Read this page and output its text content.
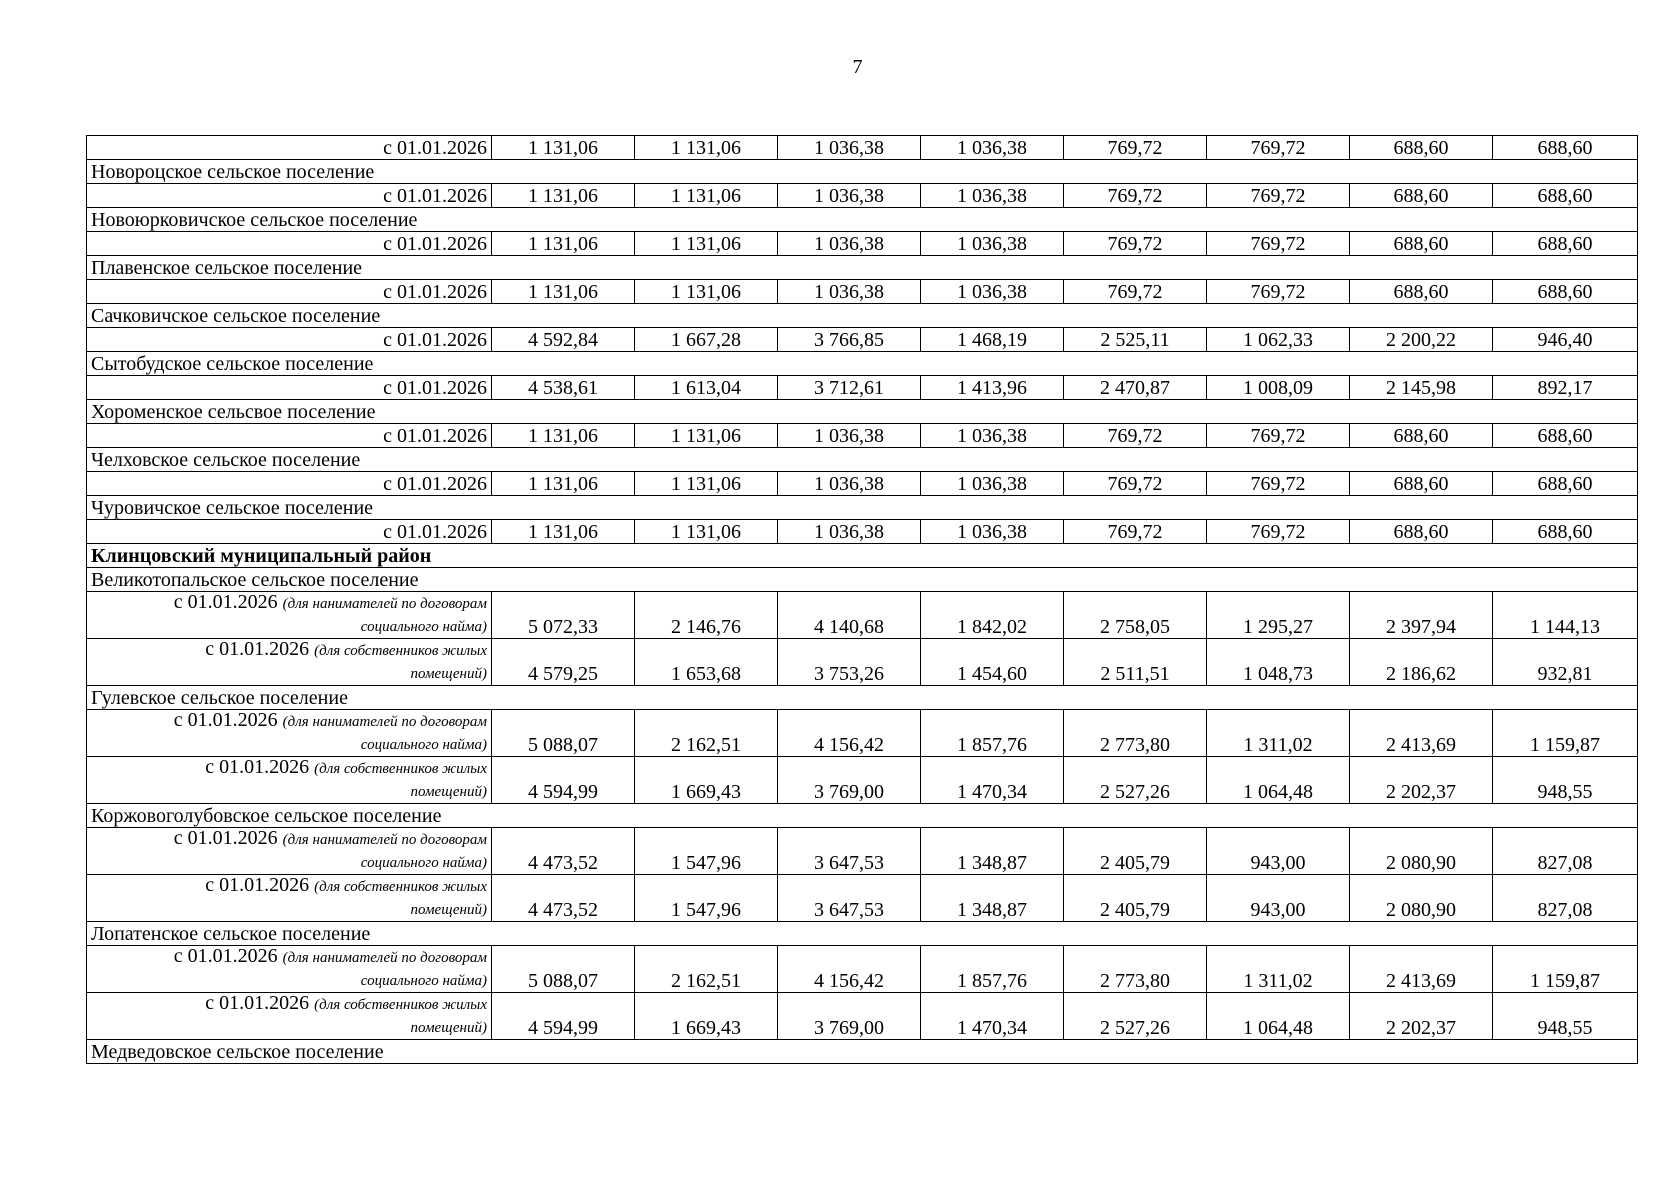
7
с 01.01.2026	1 131,06	1 131,06	1 036,38	1 036,38	769,72	769,72	688,60	688,60
Новороцское сельское поселение								
с 01.01.2026	1 131,06	1 131,06	1 036,38	1 036,38	769,72	769,72	688,60	688,60
Новоюрковичское сельское поселение								
с 01.01.2026	1 131,06	1 131,06	1 036,38	1 036,38	769,72	769,72	688,60	688,60
Плавенское сельское поселение								
с 01.01.2026	1 131,06	1 131,06	1 036,38	1 036,38	769,72	769,72	688,60	688,60
Сачковичское сельское поселение								
с 01.01.2026	4 592,84	1 667,28	3 766,85	1 468,19	2 525,11	1 062,33	2 200,22	946,40
Сытобудское сельское поселение								
с 01.01.2026	4 538,61	1 613,04	3 712,61	1 413,96	2 470,87	1 008,09	2 145,98	892,17
Хороменское сельсвое поселение								
с 01.01.2026	1 131,06	1 131,06	1 036,38	1 036,38	769,72	769,72	688,60	688,60
Челховское сельское поселение								
с 01.01.2026	1 131,06	1 131,06	1 036,38	1 036,38	769,72	769,72	688,60	688,60
Чуровичское сельское поселение								
с 01.01.2026	1 131,06	1 131,06	1 036,38	1 036,38	769,72	769,72	688,60	688,60
Клинцовский муниципальный район								
Великотопальское сельское поселение								
с 01.01.2026 (для нанимателей по договорам
социального найма)	5 072,33	2 146,76	4 140,68	1 842,02	2 758,05	1 295,27	2 397,94	1 144,13
с 01.01.2026 (для собственников жилых
помещений)	4 579,25	1 653,68	3 753,26	1 454,60	2 511,51	1 048,73	2 186,62	932,81
Гулевское сельское поселение								
с 01.01.2026 (для нанимателей по договорам
социального найма)	5 088,07	2 162,51	4 156,42	1 857,76	2 773,80	1 311,02	2 413,69	1 159,87
с 01.01.2026 (для собственников жилых
помещений)	4 594,99	1 669,43	3 769,00	1 470,34	2 527,26	1 064,48	2 202,37	948,55
Коржовоголубовское сельское поселение								
с 01.01.2026 (для нанимателей по договорам
социального найма)	4 473,52	1 547,96	3 647,53	1 348,87	2 405,79	943,00	2 080,90	827,08
с 01.01.2026 (для собственников жилых
помещений)	4 473,52	1 547,96	3 647,53	1 348,87	2 405,79	943,00	2 080,90	827,08
Лопатенское сельское поселение								
с 01.01.2026 (для нанимателей по договорам
социального найма)	5 088,07	2 162,51	4 156,42	1 857,76	2 773,80	1 311,02	2 413,69	1 159,87
с 01.01.2026 (для собственников жилых
помещений)	4 594,99	1 669,43	3 769,00	1 470,34	2 527,26	1 064,48	2 202,37	948,55
Медведовское сельское поселение								
